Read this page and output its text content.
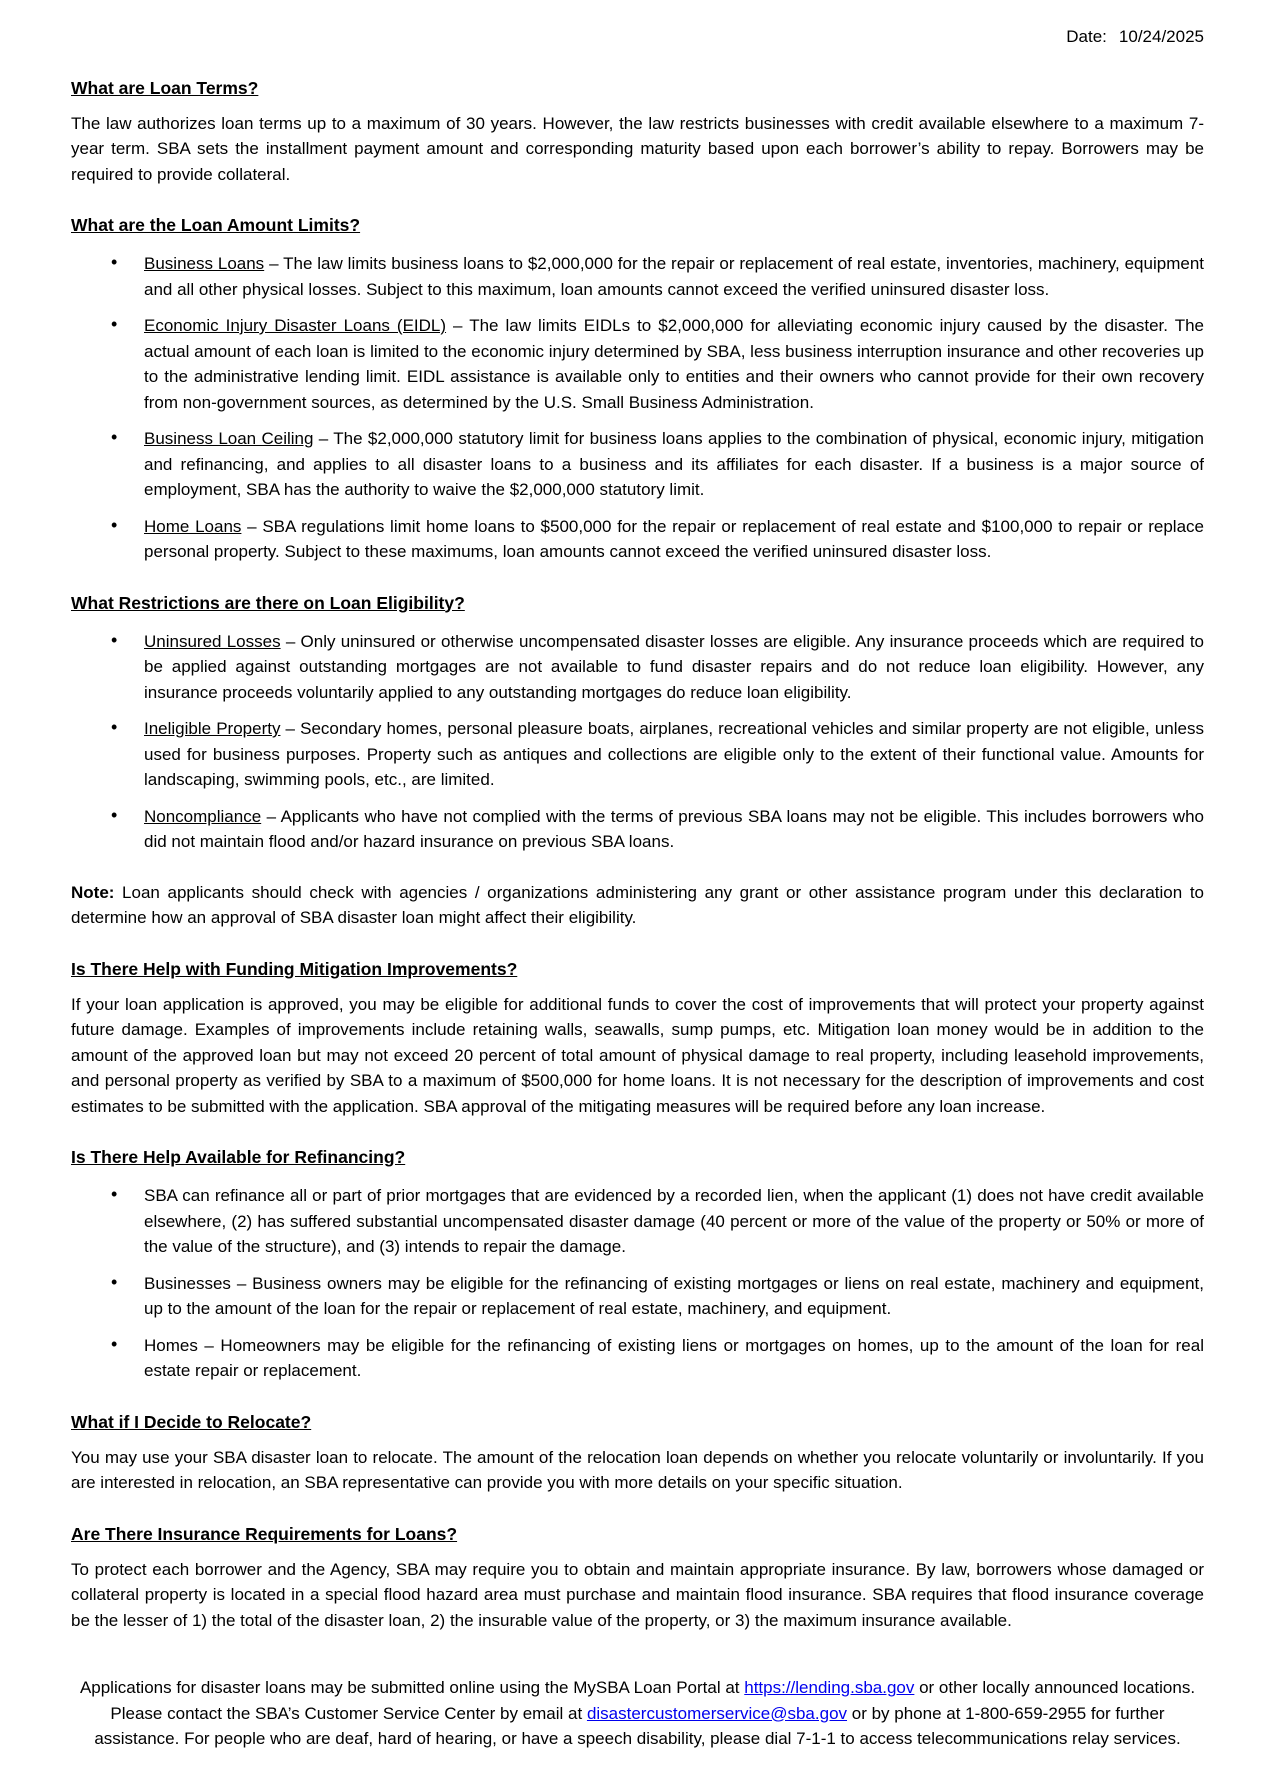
Date: 10/24/2025
What are Loan Terms?

The law authorizes loan terms up to a maximum of 30 years. However, the law restricts businesses with credit available elsewhere to a maximum 7-year term. SBA sets the installment payment amount and corresponding maturity based upon each borrower’s ability to repay. Borrowers may be required to provide collateral.

What are the Loan Amount Limits?
• Business Loans – The law limits business loans to $2,000,000 for the repair or replacement of real estate, inventories, machinery, equipment and all other physical losses. Subject to this maximum, loan amounts cannot exceed the verified uninsured disaster loss.
• Economic Injury Disaster Loans (EIDL) – The law limits EIDLs to $2,000,000 for alleviating economic injury caused by the disaster. The actual amount of each loan is limited to the economic injury determined by SBA, less business interruption insurance and other recoveries up to the administrative lending limit. EIDL assistance is available only to entities and their owners who cannot provide for their own recovery from non-government sources, as determined by the U.S. Small Business Administration.
• Business Loan Ceiling – The $2,000,000 statutory limit for business loans applies to the combination of physical, economic injury, mitigation and refinancing, and applies to all disaster loans to a business and its affiliates for each disaster. If a business is a major source of employment, SBA has the authority to waive the $2,000,000 statutory limit.
• Home Loans – SBA regulations limit home loans to $500,000 for the repair or replacement of real estate and $100,000 to repair or replace personal property. Subject to these maximums, loan amounts cannot exceed the verified uninsured disaster loss.
What Restrictions are there on Loan Eligibility?
• Uninsured Losses – Only uninsured or otherwise uncompensated disaster losses are eligible. Any insurance proceeds which are required to be applied against outstanding mortgages are not available to fund disaster repairs and do not reduce loan eligibility. However, any insurance proceeds voluntarily applied to any outstanding mortgages do reduce loan eligibility.
• Ineligible Property – Secondary homes, personal pleasure boats, airplanes, recreational vehicles and similar property are not eligible, unless used for business purposes. Property such as antiques and collections are eligible only to the extent of their functional value. Amounts for landscaping, swimming pools, etc., are limited.
• Noncompliance – Applicants who have not complied with the terms of previous SBA loans may not be eligible. This includes borrowers who did not maintain flood and/or hazard insurance on previous SBA loans.

Note: Loan applicants should check with agencies / organizations administering any grant or other assistance program under this declaration to determine how an approval of SBA disaster loan might affect their eligibility.

Is There Help with Funding Mitigation Improvements?

If your loan application is approved, you may be eligible for additional funds to cover the cost of improvements that will protect your property against future damage. Examples of improvements include retaining walls, seawalls, sump pumps, etc. Mitigation loan money would be in addition to the amount of the approved loan but may not exceed 20 percent of total amount of physical damage to real property, including leasehold improvements, and personal property as verified by SBA to a maximum of $500,000 for home loans. It is not necessary for the description of improvements and cost estimates to be submitted with the application. SBA approval of the mitigating measures will be required before any loan increase.

Is There Help Available for Refinancing?
• SBA can refinance all or part of prior mortgages that are evidenced by a recorded lien, when the applicant (1) does not have credit available elsewhere, (2) has suffered substantial uncompensated disaster damage (40 percent or more of the value of the property or 50% or more of the value of the structure), and (3) intends to repair the damage.
• Businesses – Business owners may be eligible for the refinancing of existing mortgages or liens on real estate, machinery and equipment, up to the amount of the loan for the repair or replacement of real estate, machinery, and equipment.
• Homes – Homeowners may be eligible for the refinancing of existing liens or mortgages on homes, up to the amount of the loan for real estate repair or replacement.
What if I Decide to Relocate?

You may use your SBA disaster loan to relocate. The amount of the relocation loan depends on whether you relocate voluntarily or involuntarily. If you are interested in relocation, an SBA representative can provide you with more details on your specific situation.

Are There Insurance Requirements for Loans?

To protect each borrower and the Agency, SBA may require you to obtain and maintain appropriate insurance. By law, borrowers whose damaged or collateral property is located in a special flood hazard area must purchase and maintain flood insurance. SBA requires that flood insurance coverage be the lesser of 1) the total of the disaster loan, 2) the insurable value of the property, or 3) the maximum insurance available.

Applications for disaster loans may be submitted online using the MySBA Loan Portal at https://lending.sba.gov or other locally announced locations. Please contact the SBA’s Customer Service Center by email at disastercustomerservice@sba.gov or by phone at 1-800-659-2955 for further assistance. For people who are deaf, hard of hearing, or have a speech disability, please dial 7-1-1 to access telecommunications relay services.
